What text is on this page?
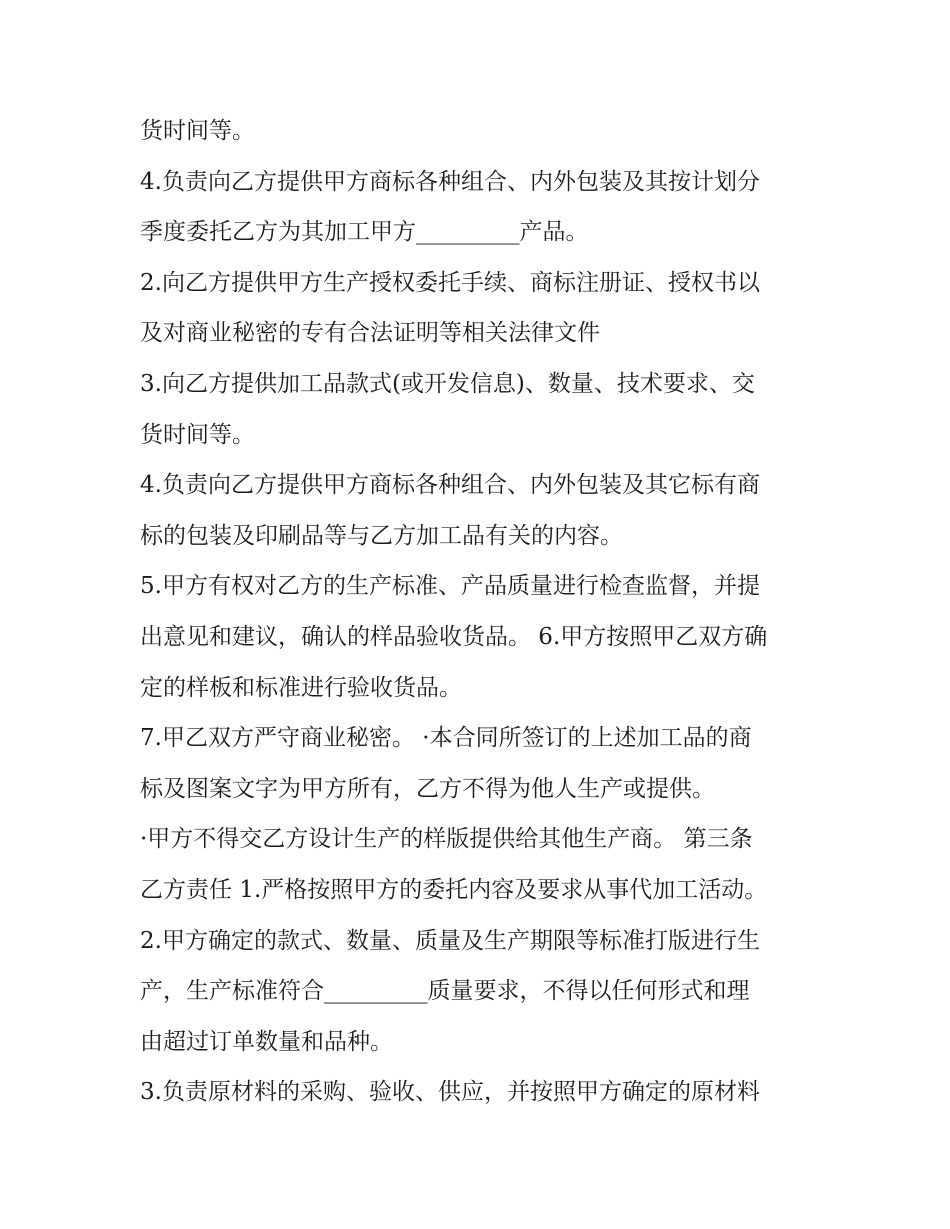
货时间等。
4.负责向乙方提供甲方商标各种组合、内外包装及其按计划分
季度委托乙方为其加工甲方_________产品。
2.向乙方提供甲方生产授权委托手续、商标注册证、授权书以
及对商业秘密的专有合法证明等相关法律文件
3.向乙方提供加工品款式(或开发信息)、数量、技术要求、交
货时间等。
4.负责向乙方提供甲方商标各种组合、内外包装及其它标有商
标的包装及印刷品等与乙方加工品有关的内容。
5.甲方有权对乙方的生产标准、产品质量进行检查监督，并提
出意见和建议，确认的样品验收货品。 6.甲方按照甲乙双方确
定的样板和标准进行验收货品。
7.甲乙双方严守商业秘密。 ·本合同所签订的上述加工品的商
标及图案文字为甲方所有，乙方不得为他人生产或提供。
·甲方不得交乙方设计生产的样版提供给其他生产商。 第三条
乙方责任 1.严格按照甲方的委托内容及要求从事代加工活动。
2.甲方确定的款式、数量、质量及生产期限等标准打版进行生
产，生产标准符合_________质量要求，不得以任何形式和理
由超过订单数量和品种。
3.负责原材料的采购、验收、供应，并按照甲方确定的原材料
